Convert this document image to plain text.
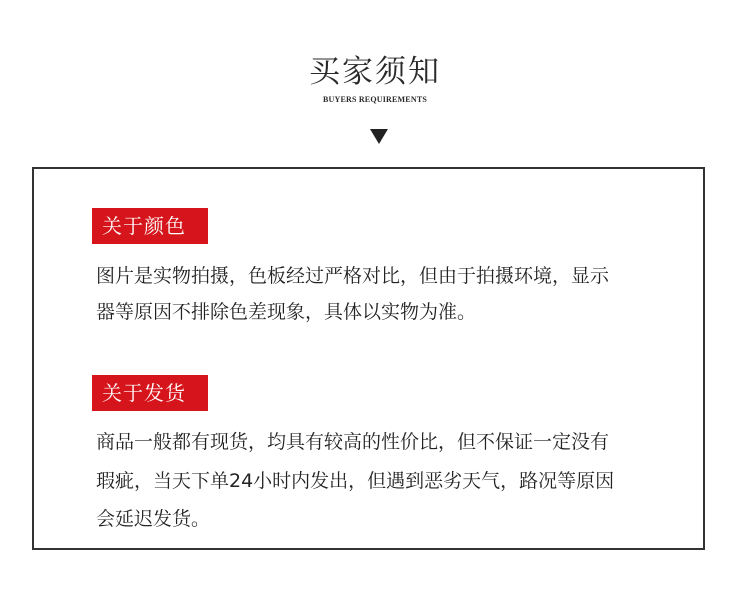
买家须知
BUYERS REQUIREMENTS
关于颜色
图片是实物拍摄，色板经过严格对比，但由于拍摄环境，显示
器等原因不排除色差现象，具体以实物为准。
关于发货
商品一般都有现货，均具有较高的性价比，但不保证一定没有
瑕疵，当天下单24小时内发出，但遇到恶劣天气，路况等原因
会延迟发货。
